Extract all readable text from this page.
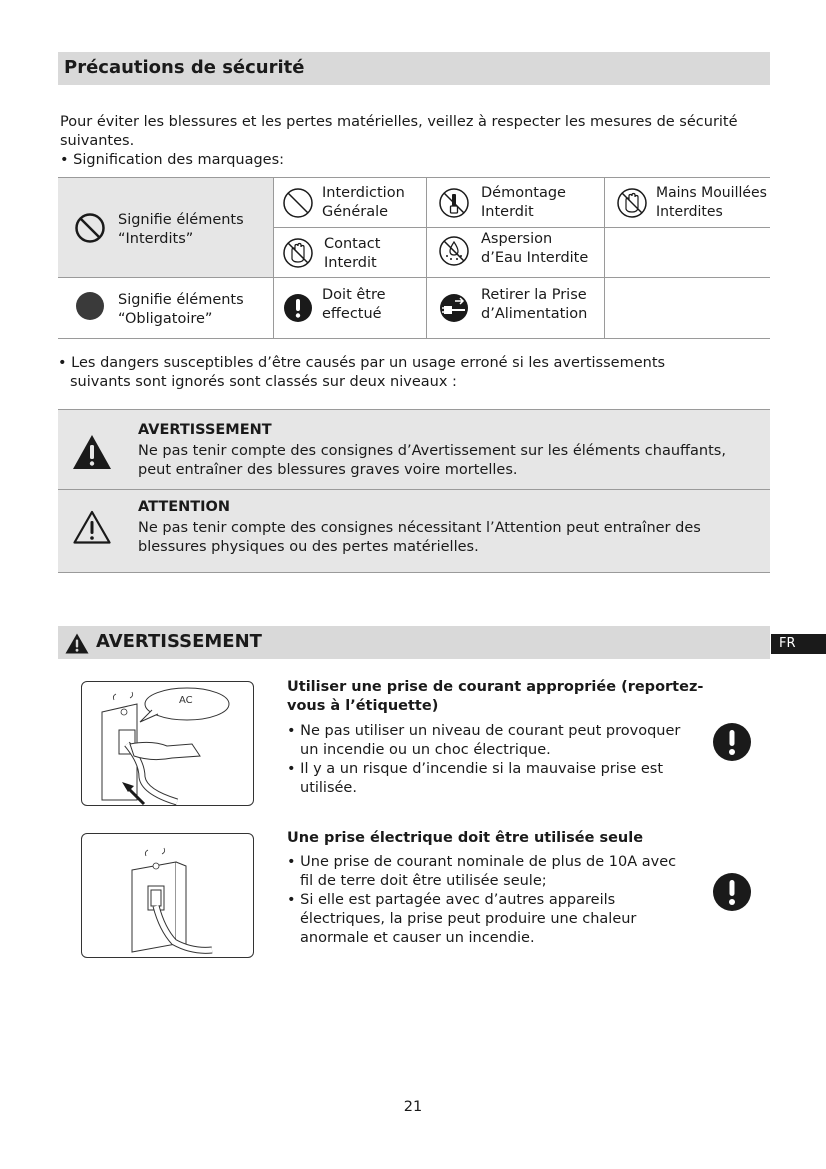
Précautions de sécurité
Pour éviter les blessures et les pertes matérielles, veillez à respecter les mesures de sécurité suivantes.
• Signification des marquages:
Signifie éléments
“Interdits”
Signifie éléments
“Obligatoire”
Interdiction
Générale
Démontage
Interdit
Mains Mouillées
Interdites
Contact
Interdit
Aspersion
d’Eau Interdite
Doit être
effectué
Retirer la Prise
d’Alimentation
• Les dangers susceptibles d’être causés par un usage erroné si les avertissements
suivants sont ignorés sont classés sur deux niveaux :
AVERTISSEMENT
Ne pas tenir compte des consignes d’Avertissement sur les éléments chauffants, peut entraîner des blessures graves voire mortelles.
ATTENTION
Ne pas tenir compte des consignes nécessitant l’Attention peut entraîner des blessures physiques ou des pertes matérielles.
AVERTISSEMENT	FR
AC
Utiliser une prise de courant appropriée (reportez-vous à l’étiquette)
• Ne pas utiliser un niveau de courant peut provoquer un incendie ou un choc électrique.
• Il y a un risque d’incendie si la mauvaise prise est utilisée.
Une prise électrique doit être utilisée seule
• Une prise de courant nominale de plus de 10A avec fil de terre doit être utilisée seule;
• Si elle est partagée avec d’autres appareils électriques, la prise peut produire une chaleur anormale et causer un incendie.
21
